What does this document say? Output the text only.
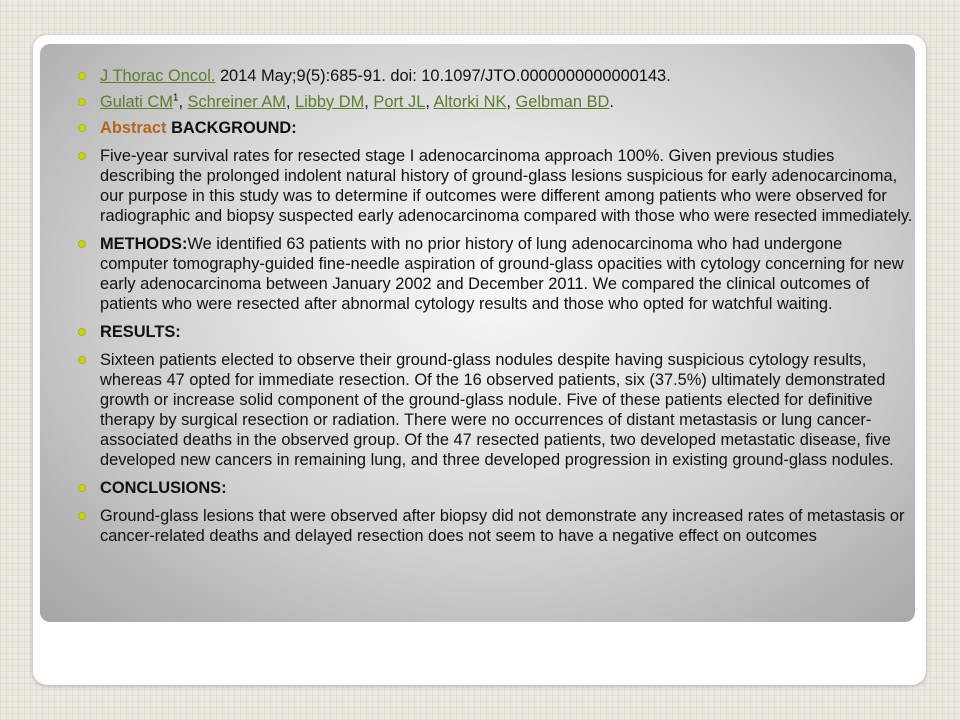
J Thorac Oncol. 2014 May;9(5):685-91. doi: 10.1097/JTO.0000000000000143.
Gulati $CM^1$, Schreiner AM, Libby DM, Port JL, Altorki NK, Gelbman BD.
Abstract BACKGROUND:
Five-year survival rates for resected stage I adenocarcinoma approach 100%. Given previous studies describing the prolonged indolent natural history of ground-glass lesions suspicious for early adenocarcinoma, our purpose in this study was to determine if outcomes were different among patients who were observed for radiographic and biopsy suspected early adenocarcinoma compared with those who were resected immediately.
METHODS:We identified 63 patients with no prior history of lung adenocarcinoma who had undergone computer tomography-guided fine-needle aspiration of ground-glass opacities with cytology concerning for new early adenocarcinoma between January 2002 and December 2011. We compared the clinical outcomes of patients who were resected after abnormal cytology results and those who opted for watchful waiting.
RESULTS:
Sixteen patients elected to observe their ground-glass nodules despite having suspicious cytology results, whereas 47 opted for immediate resection. Of the 16 observed patients, six (37.5%) ultimately demonstrated growth or increase solid component of the ground-glass nodule. Five of these patients elected for definitive therapy by surgical resection or radiation. There were no occurrences of distant metastasis or lung cancer-associated deaths in the observed group. Of the 47 resected patients, two developed metastatic disease, five developed new cancers in remaining lung, and three developed progression in existing ground-glass nodules.
CONCLUSIONS:
Ground-glass lesions that were observed after biopsy did not demonstrate any increased rates of metastasis or cancer-related deaths and delayed resection does not seem to have a negative effect on outcomes
